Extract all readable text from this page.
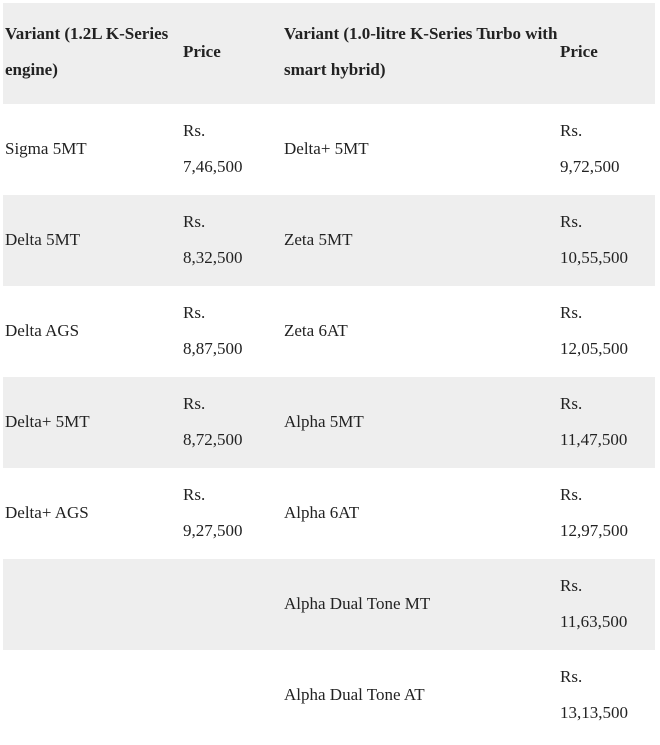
Variant (1.2L K-Series engine)	Price	Variant (1.0-litre K-Series Turbo with smart hybrid)	Price
Sigma 5MT	Rs.
7,46,500	Delta+ 5MT	Rs.
9,72,500

Delta 5MT	Rs.
8,32,500	Zeta 5MT	Rs.
10,55,500

Delta AGS	Rs.
8,87,500	Zeta 6AT	Rs.
12,05,500

Delta+ 5MT	Rs.
8,72,500	Alpha 5MT	Rs.
11,47,500

Delta+ AGS	Rs.
9,27,500	Alpha 6AT	Rs.
12,97,500

	Alpha Dual Tone MT	Rs.
11,63,500

	Alpha Dual Tone AT	Rs.
13,13,500
